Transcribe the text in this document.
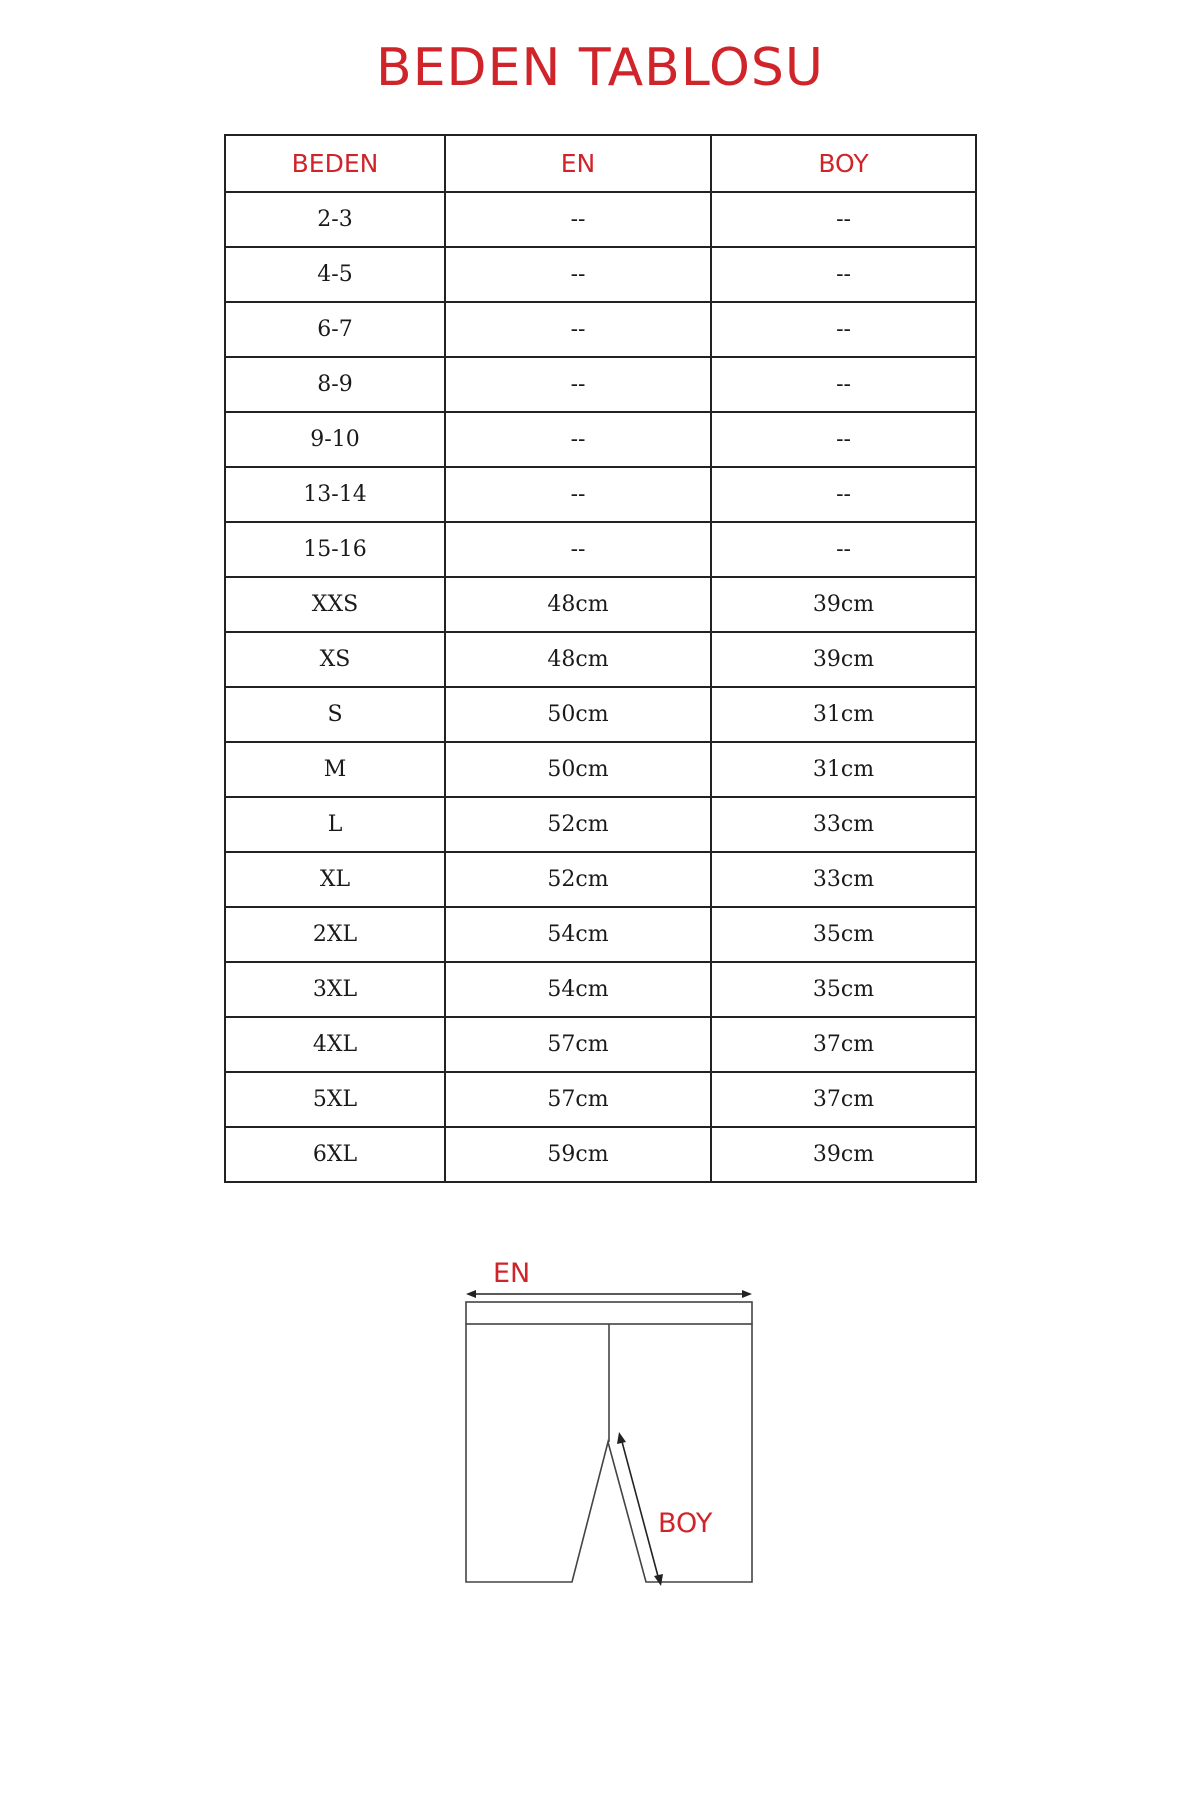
BEDEN TABLOSU
BEDEN	EN	BOY
2-3	--	--
4-5	--	--
6-7	--	--
8-9	--	--
9-10	--	--
13-14	--	--
15-16	--	--
XXS	48cm	39cm
XS	48cm	39cm
S	50cm	31cm
M	50cm	31cm
L	52cm	33cm
XL	52cm	33cm
2XL	54cm	35cm
3XL	54cm	35cm
4XL	57cm	37cm
5XL	57cm	37cm
6XL	59cm	39cm
EN
BOY
